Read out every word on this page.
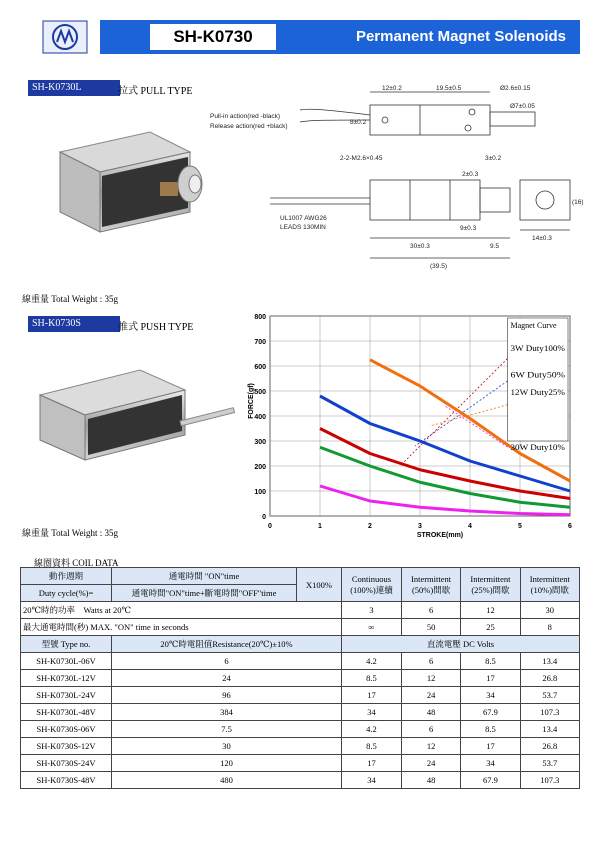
SH-K0730	Permanent Magnet Solenoids
SH-K0730L	拉式 PULL TYPE
Pull-in action(red -black)
Release action(red +black)
12±0.2	19.5±0.5	Ø2.6±0.15
Ø7±0.05
8±0.2
2-2-M2.6×0.45	3±0.2
2±0.3
9±0.3
30±0.3	9.5
(39.5)
14±0.3
(16)
UL1007 AWG26
LEADS 130MIN
線重量 Total Weight : 35g
SH-K0730S	推式 PUSH TYPE
線重量 Total Weight : 35g
0
100
200
300
400
500
600
700
800
0	1	2	3	4	5	6
STROKE(mm)
FORCE(gf)
Magnet Curve
3W Duty100%
6W Duty50%
12W Duty25%
30W Duty10%
線圈資料 COIL DATA
動作週期	通電時間 "ON"time	X100%	Continuous (100%)連續	Intermittent (50%)間歇	Intermittent (25%)間歇	Intermittent (10%)間歇
Duty cycle(%)=	通電時間"ON"time+斷電時間"OFF"time					
20℃時的功率 Watts at 20℃			3	6	12	30
最大通電時間(秒) MAX. "ON" time in seconds			∞	50	25	8
型號 Type no.	20℃時電阻值Resistance(20℃)±10%		直流電壓 DC Volts			
SH-K0730L-06V	6		4.2	6	8.5	13.4
SH-K0730L-12V	24		8.5	12	17	26.8
SH-K0730L-24V	96		17	24	34	53.7
SH-K0730L-48V	384		34	48	67.9	107.3
SH-K0730S-06V	7.5		4.2	6	8.5	13.4
SH-K0730S-12V	30		8.5	12	17	26.8
SH-K0730S-24V	120		17	24	34	53.7
SH-K0730S-48V	480		34	48	67.9	107.3
